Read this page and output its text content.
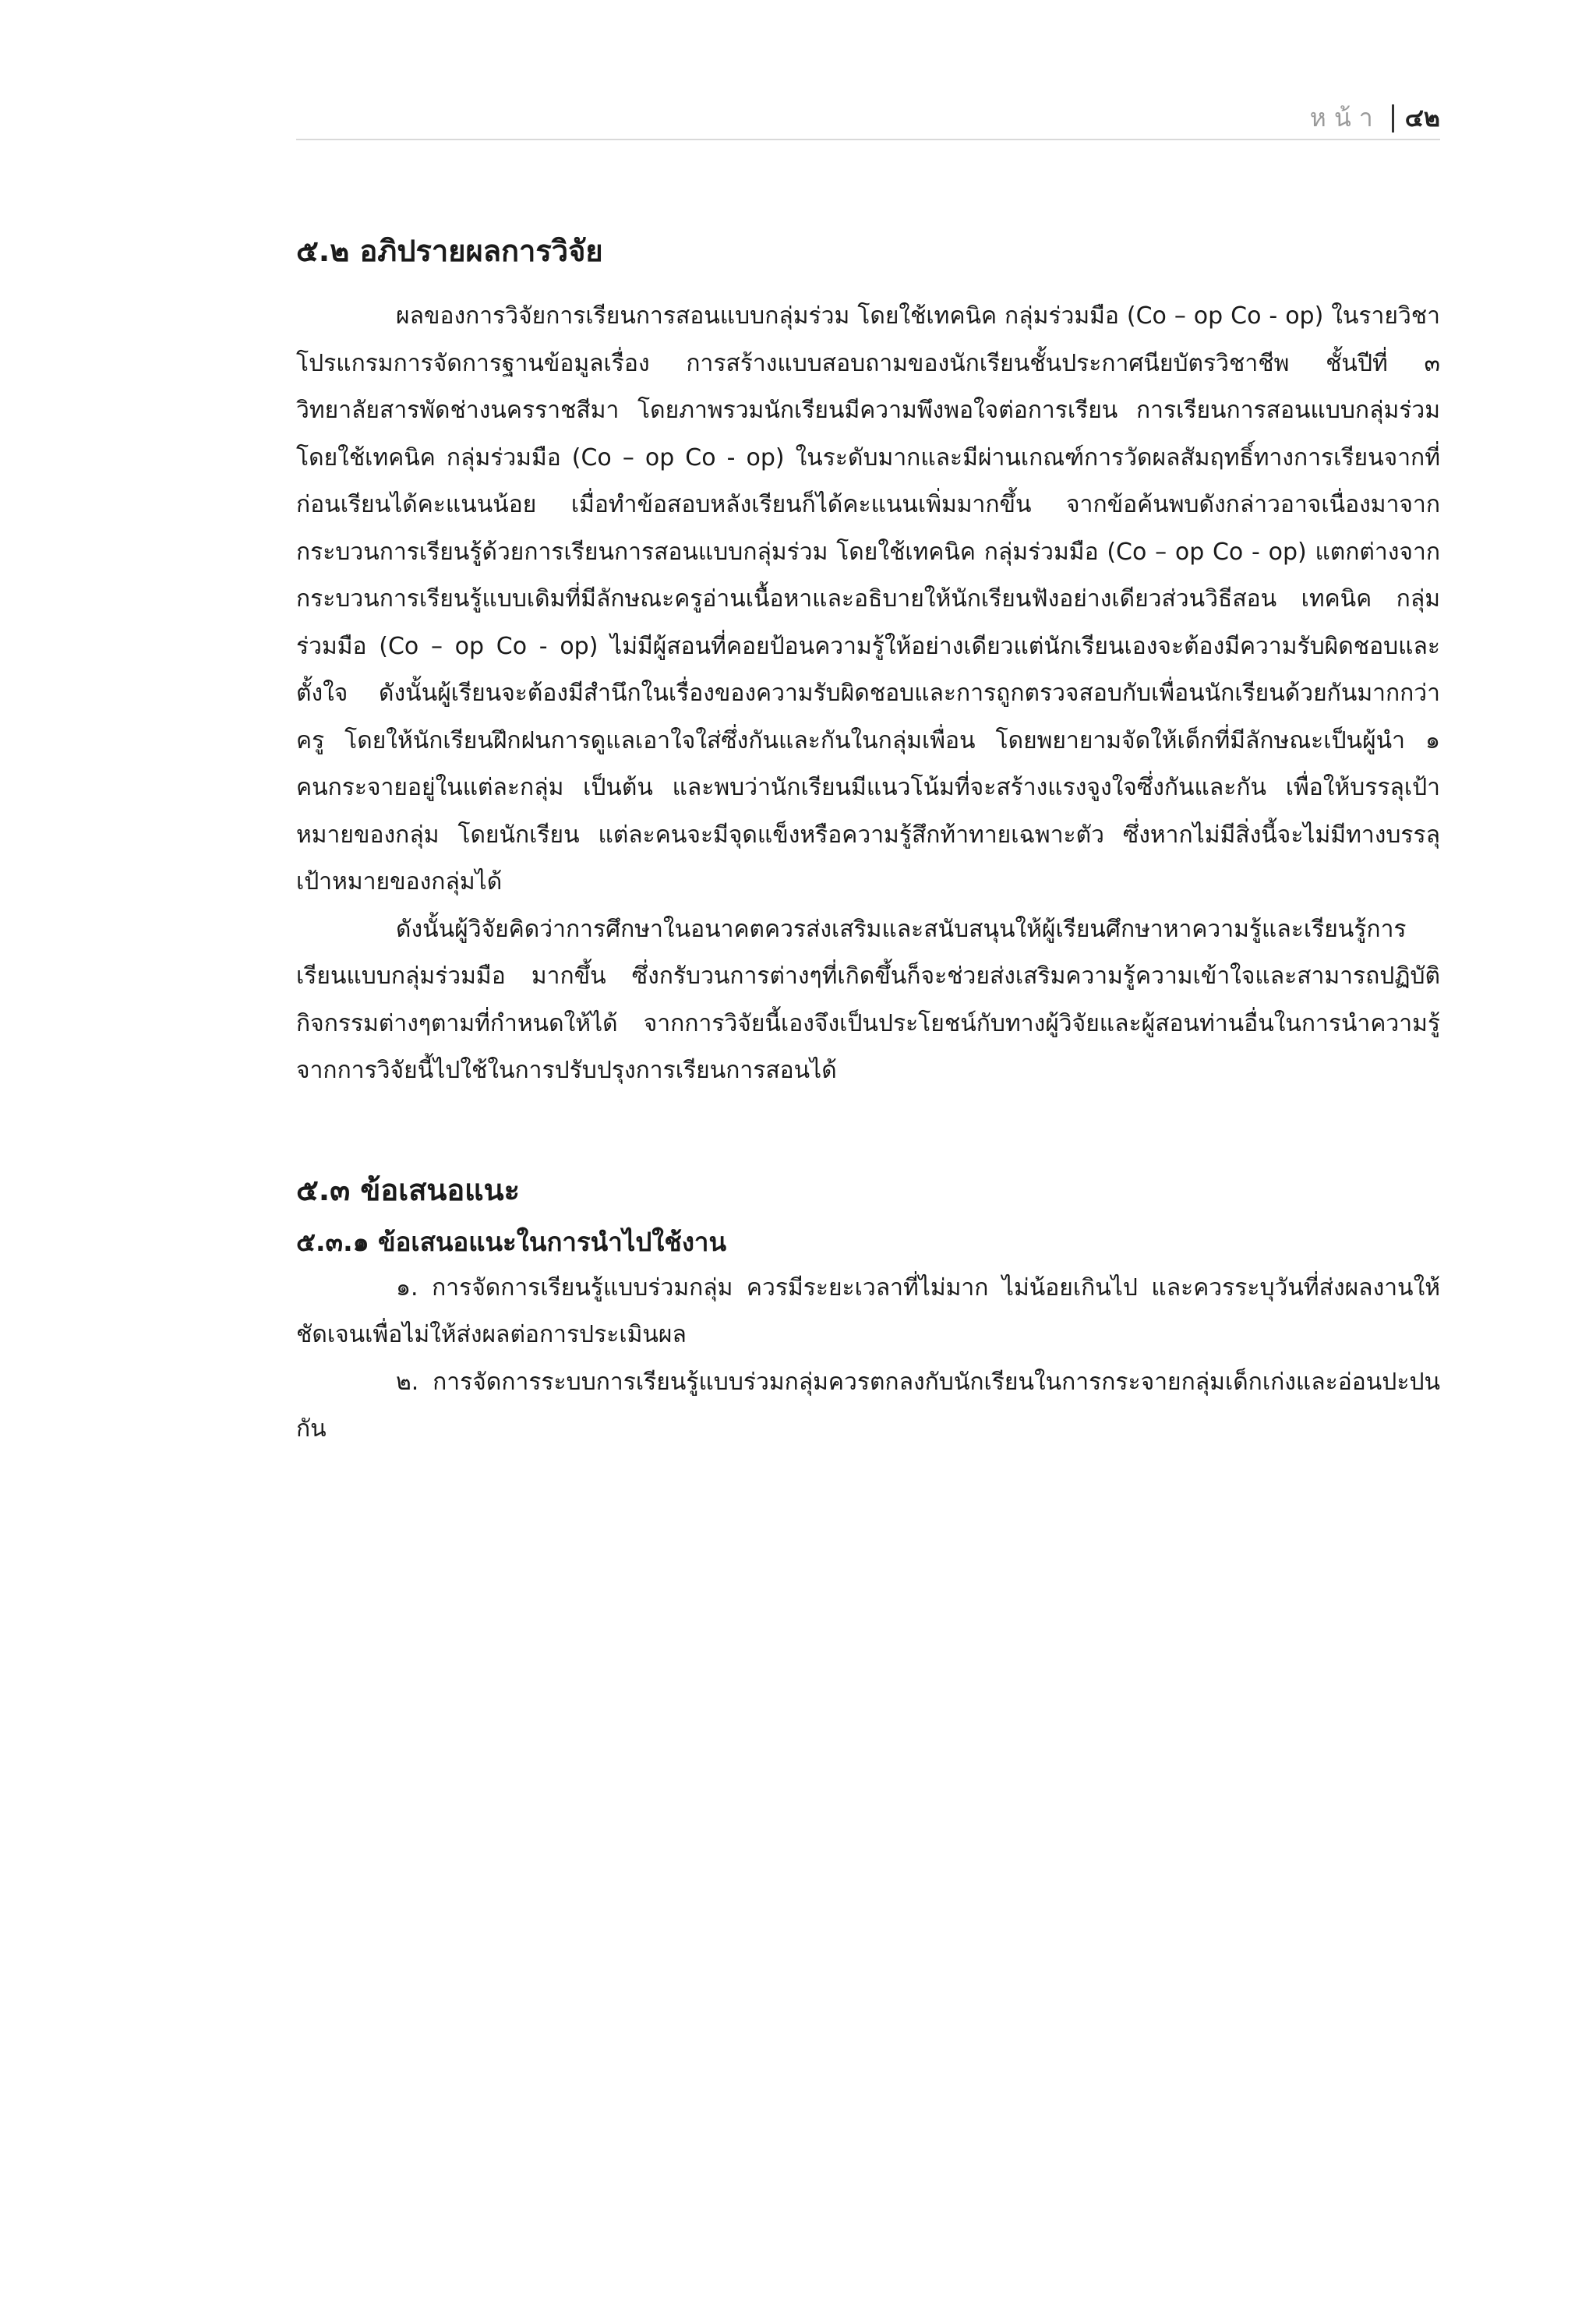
หน้า ๔๒
๕.๒ อภิปรายผลการวิจัย

ผลของการวิจัยการเรียนการสอนแบบกลุ่มร่วม โดยใช้เทคนิค กลุ่มร่วมมือ (Co – op Co - op) ในรายวิชา โปรแกรมการจัดการฐานข้อมูลเรื่อง การสร้างแบบสอบถามของนักเรียนชั้นประกาศนียบัตรวิชาชีพ ชั้นปีที่ ๓ วิทยาลัยสารพัดช่างนครราชสีมา โดยภาพรวมนักเรียนมีความพึงพอใจต่อการเรียน การเรียนการสอนแบบกลุ่มร่วม โดยใช้เทคนิค กลุ่มร่วมมือ (Co – op Co - op) ในระดับมากและมีผ่านเกณฑ์การวัดผลสัมฤทธิ์ทางการเรียนจากที่ก่อนเรียนได้คะแนนน้อย เมื่อทำข้อสอบหลังเรียนก็ได้คะแนนเพิ่มมากขึ้น จากข้อค้นพบดังกล่าวอาจเนื่องมาจากกระบวนการเรียนรู้ด้วยการเรียนการสอนแบบกลุ่มร่วม โดยใช้เทคนิค กลุ่มร่วมมือ (Co – op Co - op) แตกต่างจากกระบวนการเรียนรู้แบบเดิมที่มีลักษณะครูอ่านเนื้อหาและอธิบายให้นักเรียนฟังอย่างเดียวส่วนวิธีสอน เทคนิค กลุ่มร่วมมือ (Co – op Co - op) ไม่มีผู้สอนที่คอยป้อนความรู้ให้อย่างเดียวแต่นักเรียนเองจะต้องมีความรับผิดชอบและตั้งใจ ดังนั้นผู้เรียนจะต้องมีสำนึกในเรื่องของความรับผิดชอบและการถูกตรวจสอบกับเพื่อนนักเรียนด้วยกันมากกว่าครู โดยให้นักเรียนฝึกฝนการดูแลเอาใจใส่ซึ่งกันและกันในกลุ่มเพื่อน โดยพยายามจัดให้เด็กที่มีลักษณะเป็นผู้นำ ๑ คนกระจายอยู่ในแต่ละกลุ่ม เป็นต้น และพบว่านักเรียนมีแนวโน้มที่จะสร้างแรงจูงใจซึ่งกันและกัน เพื่อให้บรรลุเป้าหมายของกลุ่ม โดยนักเรียน แต่ละคนจะมีจุดแข็งหรือความรู้สึกท้าทายเฉพาะตัว ซึ่งหากไม่มีสิ่งนี้จะไม่มีทางบรรลุเป้าหมายของกลุ่มได้

ดังนั้นผู้วิจัยคิดว่าการศึกษาในอนาคตควรส่งเสริมและสนับสนุนให้ผู้เรียนศึกษาหาความรู้และเรียนรู้การเรียนแบบกลุ่มร่วมมือ มากขึ้น ซึ่งกรับวนการต่างๆที่เกิดขึ้นก็จะช่วยส่งเสริมความรู้ความเข้าใจและสามารถปฏิบัติกิจกรรมต่างๆตามที่กำหนดให้ได้ จากการวิจัยนี้เองจึงเป็นประโยชน์กับทางผู้วิจัยและผู้สอนท่านอื่นในการนำความรู้จากการวิจัยนี้ไปใช้ในการปรับปรุงการเรียนการสอนได้

๕.๓ ข้อเสนอแนะ
๕.๓.๑ ข้อเสนอแนะในการนำไปใช้งาน

๑. การจัดการเรียนรู้แบบร่วมกลุ่ม ควรมีระยะเวลาที่ไม่มาก ไม่น้อยเกินไป และควรระบุวันที่ส่งผลงานให้ชัดเจนเพื่อไม่ให้ส่งผลต่อการประเมินผล

๒. การจัดการระบบการเรียนรู้แบบร่วมกลุ่มควรตกลงกับนักเรียนในการกระจายกลุ่มเด็กเก่งและอ่อนปะปนกัน
